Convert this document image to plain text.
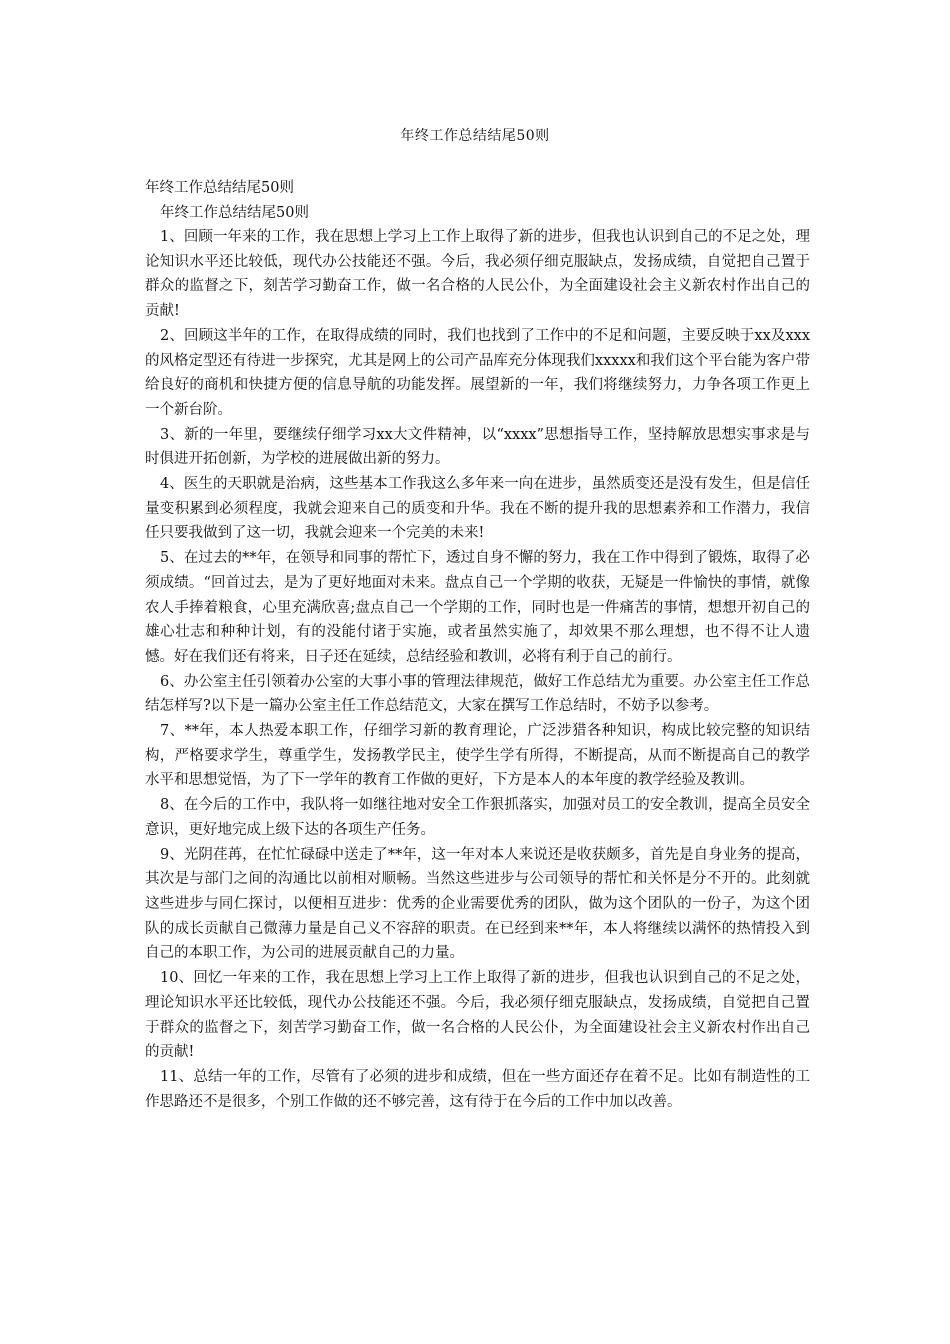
年终工作总结结尾50则

年终工作总结结尾50则

年终工作总结结尾50则

1、回顾一年来的工作，我在思想上学习上工作上取得了新的进步，但我也认识到自己的不足之处，理论知识水平还比较低，现代办公技能还不强。今后，我必须仔细克服缺点，发扬成绩，自觉把自己置于群众的监督之下，刻苦学习勤奋工作，做一名合格的人民公仆，为全面建设社会主义新农村作出自己的贡献!

2、回顾这半年的工作，在取得成绩的同时，我们也找到了工作中的不足和问题，主要反映于xx及xxx的风格定型还有待进一步探究，尤其是网上的公司产品库充分体现我们xxxxx和我们这个平台能为客户带给良好的商机和快捷方便的信息导航的功能发挥。展望新的一年，我们将继续努力，力争各项工作更上一个新台阶。

3、新的一年里，要继续仔细学习xx大文件精神，以“xxxx”思想指导工作，坚持解放思想实事求是与时俱进开拓创新，为学校的进展做出新的努力。

4、医生的天职就是治病，这些基本工作我这么多年来一向在进步，虽然质变还是没有发生，但是信任量变积累到必须程度，我就会迎来自己的质变和升华。我在不断的提升我的思想素养和工作潜力，我信任只要我做到了这一切，我就会迎来一个完美的未来!

5、在过去的**年，在领导和同事的帮忙下，透过自身不懈的努力，我在工作中得到了锻炼，取得了必须成绩。“回首过去，是为了更好地面对未来。盘点自己一个学期的收获，无疑是一件愉快的事情，就像农人手捧着粮食，心里充满欣喜;盘点自己一个学期的工作，同时也是一件痛苦的事情，想想开初自己的雄心壮志和种种计划，有的没能付诸于实施，或者虽然实施了，却效果不那么理想，也不得不让人遗憾。好在我们还有将来，日子还在延续，总结经验和教训，必将有利于自己的前行。

6、办公室主任引领着办公室的大事小事的管理法律规范，做好工作总结尤为重要。办公室主任工作总结怎样写?以下是一篇办公室主任工作总结范文，大家在撰写工作总结时，不妨予以参考。

7、**年，本人热爱本职工作，仔细学习新的教育理论，广泛涉猎各种知识，构成比较完整的知识结构，严格要求学生，尊重学生，发扬教学民主，使学生学有所得，不断提高，从而不断提高自己的教学水平和思想觉悟，为了下一学年的教育工作做的更好，下方是本人的本年度的教学经验及教训。

8、在今后的工作中，我队将一如继往地对安全工作狠抓落实，加强对员工的安全教训，提高全员安全意识，更好地完成上级下达的各项生产任务。

9、光阴荏苒，在忙忙碌碌中送走了**年，这一年对本人来说还是收获颇多，首先是自身业务的提高，其次是与部门之间的沟通比以前相对顺畅。当然这些进步与公司领导的帮忙和关怀是分不开的。此刻就这些进步与同仁探讨，以便相互进步：优秀的企业需要优秀的团队，做为这个团队的一份子，为这个团队的成长贡献自己微薄力量是自己义不容辞的职责。在已经到来**年，本人将继续以满怀的热情投入到自己的本职工作，为公司的进展贡献自己的力量。

10、回忆一年来的工作，我在思想上学习上工作上取得了新的进步，但我也认识到自己的不足之处，理论知识水平还比较低，现代办公技能还不强。今后，我必须仔细克服缺点，发扬成绩，自觉把自己置于群众的监督之下，刻苦学习勤奋工作，做一名合格的人民公仆，为全面建设社会主义新农村作出自己的贡献!

11、总结一年的工作，尽管有了必须的进步和成绩，但在一些方面还存在着不足。比如有制造性的工作思路还不是很多，个别工作做的还不够完善，这有待于在今后的工作中加以改善。
